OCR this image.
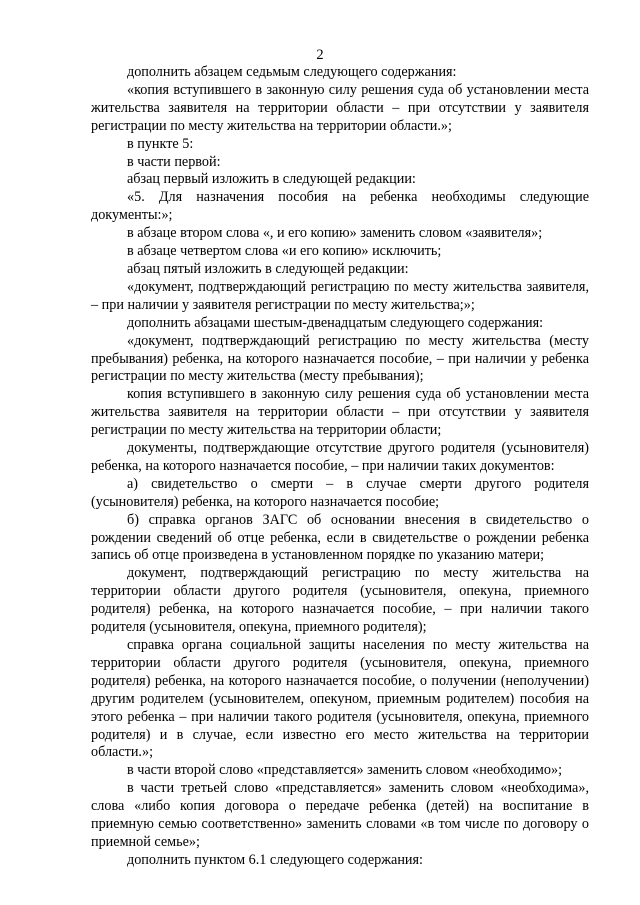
2

дополнить абзацем седьмым следующего содержания:

«копия вступившего в законную силу решения суда об установлении места жительства заявителя на территории области – при отсутствии у заявителя регистрации по месту жительства на территории области.»;

в пункте 5:

в части первой:

абзац первый изложить в следующей редакции:

«5. Для назначения пособия на ребенка необходимы следующие документы:»;

в абзаце втором слова «, и его копию» заменить словом «заявителя»;

в абзаце четвертом слова «и его копию» исключить;

абзац пятый изложить в следующей редакции:

«документ, подтверждающий регистрацию по месту жительства заявителя, – при наличии у заявителя регистрации по месту жительства;»;

дополнить абзацами шестым-двенадцатым следующего содержания:

«документ, подтверждающий регистрацию по месту жительства (месту пребывания) ребенка, на которого назначается пособие, – при наличии у ребенка регистрации по месту жительства (месту пребывания);

копия вступившего в законную силу решения суда об установлении места жительства заявителя на территории области – при отсутствии у заявителя регистрации по месту жительства на территории области;

документы, подтверждающие отсутствие другого родителя (усыновителя) ребенка, на которого назначается пособие, – при наличии таких документов:

а) свидетельство о смерти – в случае смерти другого родителя (усыновителя) ребенка, на которого назначается пособие;

б) справка органов ЗАГС об основании внесения в свидетельство о рождении сведений об отце ребенка, если в свидетельстве о рождении ребенка запись об отце произведена в установленном порядке по указанию матери;

документ, подтверждающий регистрацию по месту жительства на территории области другого родителя (усыновителя, опекуна, приемного родителя) ребенка, на которого назначается пособие, – при наличии такого родителя (усыновителя, опекуна, приемного родителя);

справка органа социальной защиты населения по месту жительства на территории области другого родителя (усыновителя, опекуна, приемного родителя) ребенка, на которого назначается пособие, о получении (неполучении) другим родителем (усыновителем, опекуном, приемным родителем) пособия на этого ребенка – при наличии такого родителя (усыновителя, опекуна, приемного родителя) и в случае, если известно его место жительства на территории области.»;

в части второй слово «представляется» заменить словом «необходимо»;

в части третьей слово «представляется» заменить словом «необходима», слова «либо копия договора о передаче ребенка (детей) на воспитание в приемную семью соответственно» заменить словами «в том числе по договору о приемной семье»;

дополнить пунктом 6.1 следующего содержания:
